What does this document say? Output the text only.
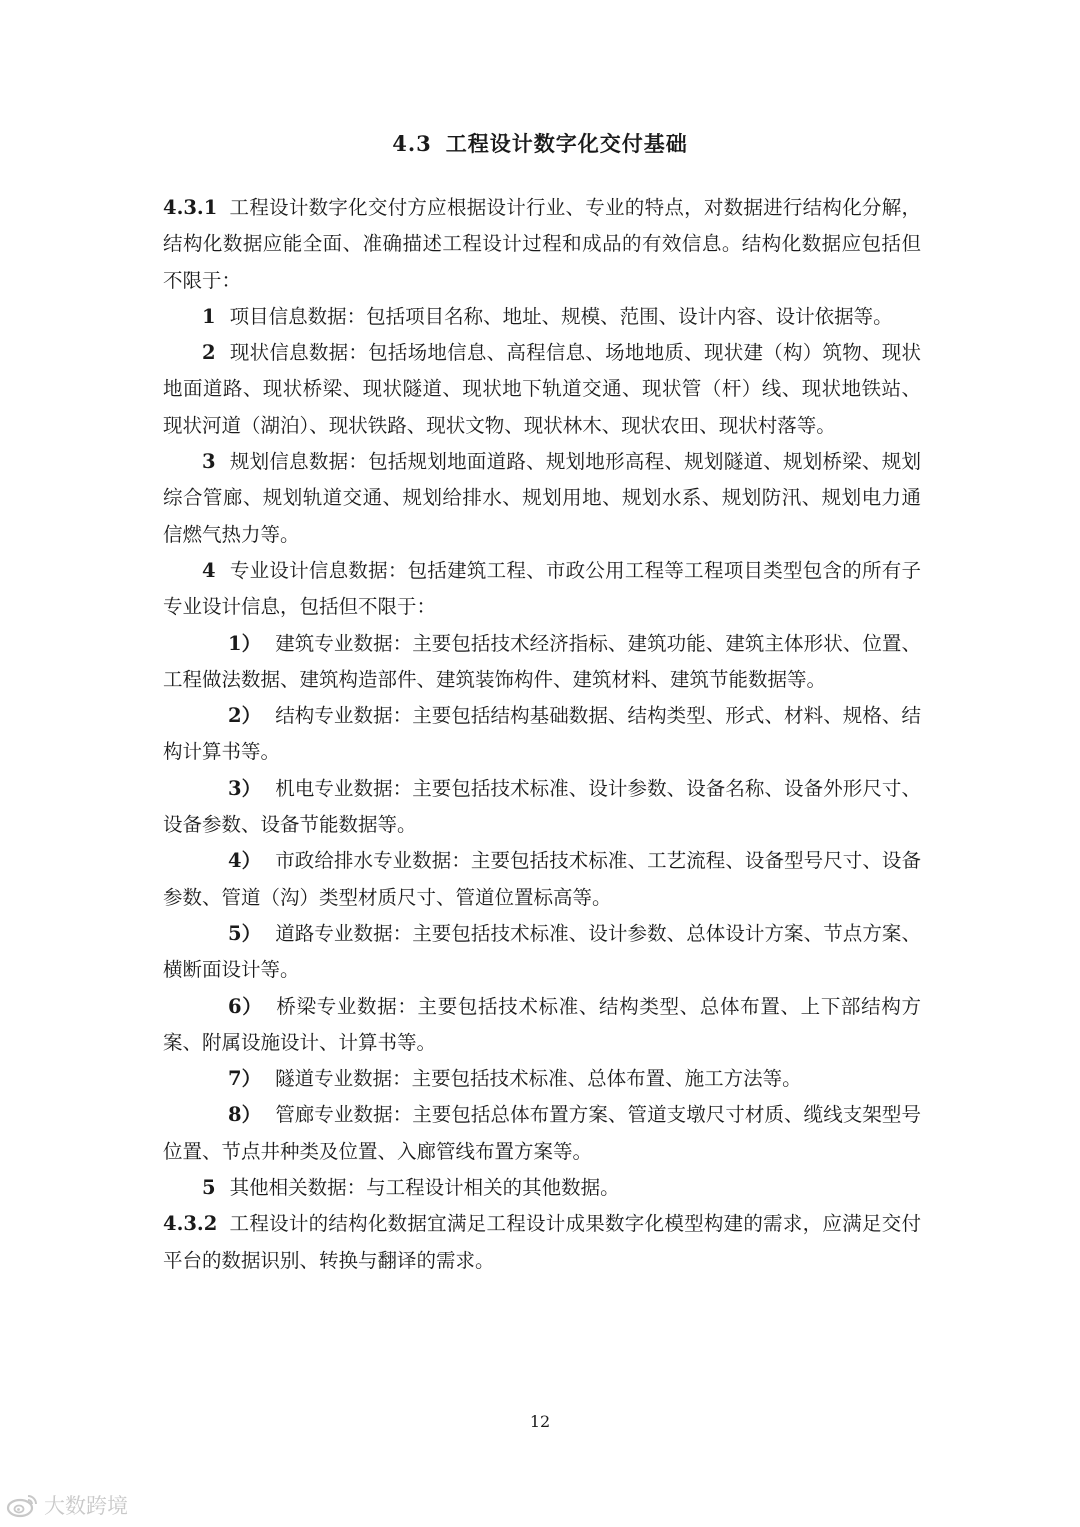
4.3 工程设计数字化交付基础

4.3.1 工程设计数字化交付方应根据设计行业、专业的特点，对数据进行结构化分解，结构化数据应能全面、准确描述工程设计过程和成品的有效信息。结构化数据应包括但不限于：

1 项目信息数据：包括项目名称、地址、规模、范围、设计内容、设计依据等。

2 现状信息数据：包括场地信息、高程信息、场地地质、现状建（构）筑物、现状地面道路、现状桥梁、现状隧道、现状地下轨道交通、现状管（杆）线、现状地铁站、现状河道（湖泊）、现状铁路、现状文物、现状林木、现状农田、现状村落等。

3 规划信息数据：包括规划地面道路、规划地形高程、规划隧道、规划桥梁、规划综合管廊、规划轨道交通、规划给排水、规划用地、规划水系、规划防汛、规划电力通信燃气热力等。

4 专业设计信息数据：包括建筑工程、市政公用工程等工程项目类型包含的所有子专业设计信息，包括但不限于：

1） 建筑专业数据：主要包括技术经济指标、建筑功能、建筑主体形状、位置、工程做法数据、建筑构造部件、建筑装饰构件、建筑材料、建筑节能数据等。

2） 结构专业数据：主要包括结构基础数据、结构类型、形式、材料、规格、结构计算书等。

3） 机电专业数据：主要包括技术标准、设计参数、设备名称、设备外形尺寸、设备参数、设备节能数据等。

4） 市政给排水专业数据：主要包括技术标准、工艺流程、设备型号尺寸、设备参数、管道（沟）类型材质尺寸、管道位置标高等。

5） 道路专业数据：主要包括技术标准、设计参数、总体设计方案、节点方案、横断面设计等。

6） 桥梁专业数据：主要包括技术标准、结构类型、总体布置、上下部结构方案、附属设施设计、计算书等。

7） 隧道专业数据：主要包括技术标准、总体布置、施工方法等。

8） 管廊专业数据：主要包括总体布置方案、管道支墩尺寸材质、缆线支架型号位置、节点井种类及位置、入廊管线布置方案等。

5 其他相关数据：与工程设计相关的其他数据。

4.3.2 工程设计的结构化数据宜满足工程设计成果数字化模型构建的需求，应满足交付平台的数据识别、转换与翻译的需求。

12
大数跨境
